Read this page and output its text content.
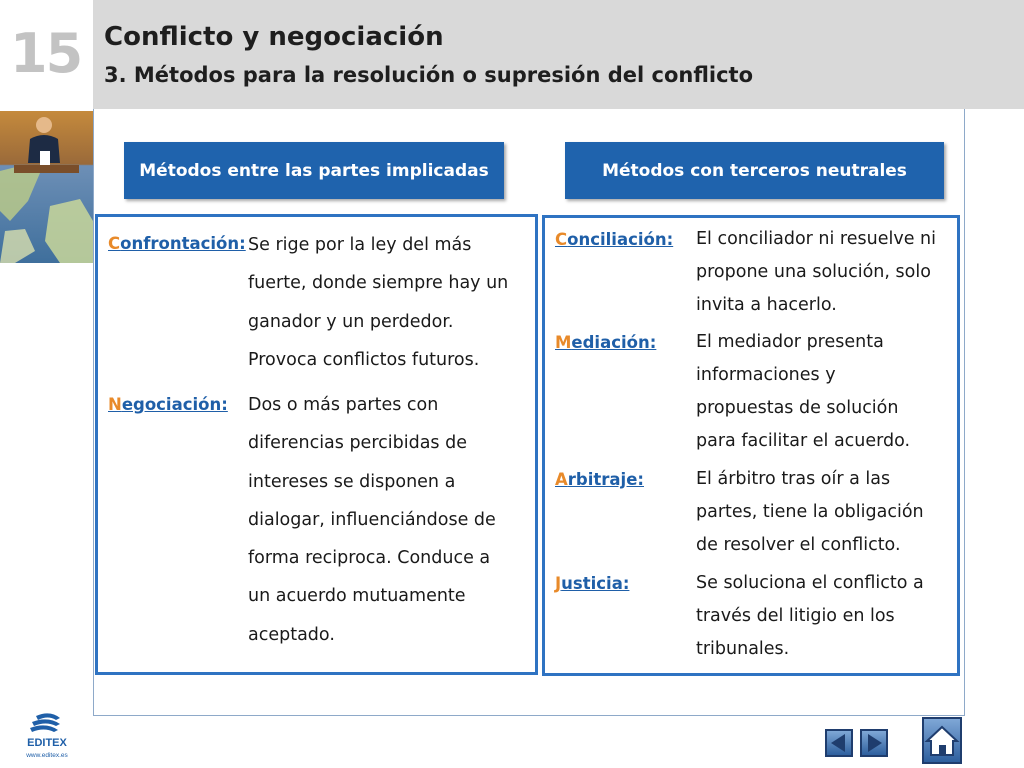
15 Conflicto y negociación
3. Métodos para la resolución o supresión del conflicto
Métodos entre las partes implicadas	Métodos con terceros neutrales
Confrontación: Se rige por la ley del más
fuerte, donde siempre hay un
ganador y un perdedor.
Provoca conflictos futuros.
Negociación: Dos o más partes con
diferencias percibidas de
intereses se disponen a
dialogar, influenciándose de
forma reciproca. Conduce a
un acuerdo mutuamente
aceptado.
Conciliación: El conciliador ni resuelve ni
propone una solución, solo
invita a hacerlo.
Mediación: El mediador presenta
informaciones y
propuestas de solución
para facilitar el acuerdo.
Arbitraje:	El árbitro tras oír a las
partes, tiene la obligación
de resolver el conflicto.
Justicia:	Se soluciona el conflicto a
través del litigio en los
tribunales.
EDITEX
www.editex.es
